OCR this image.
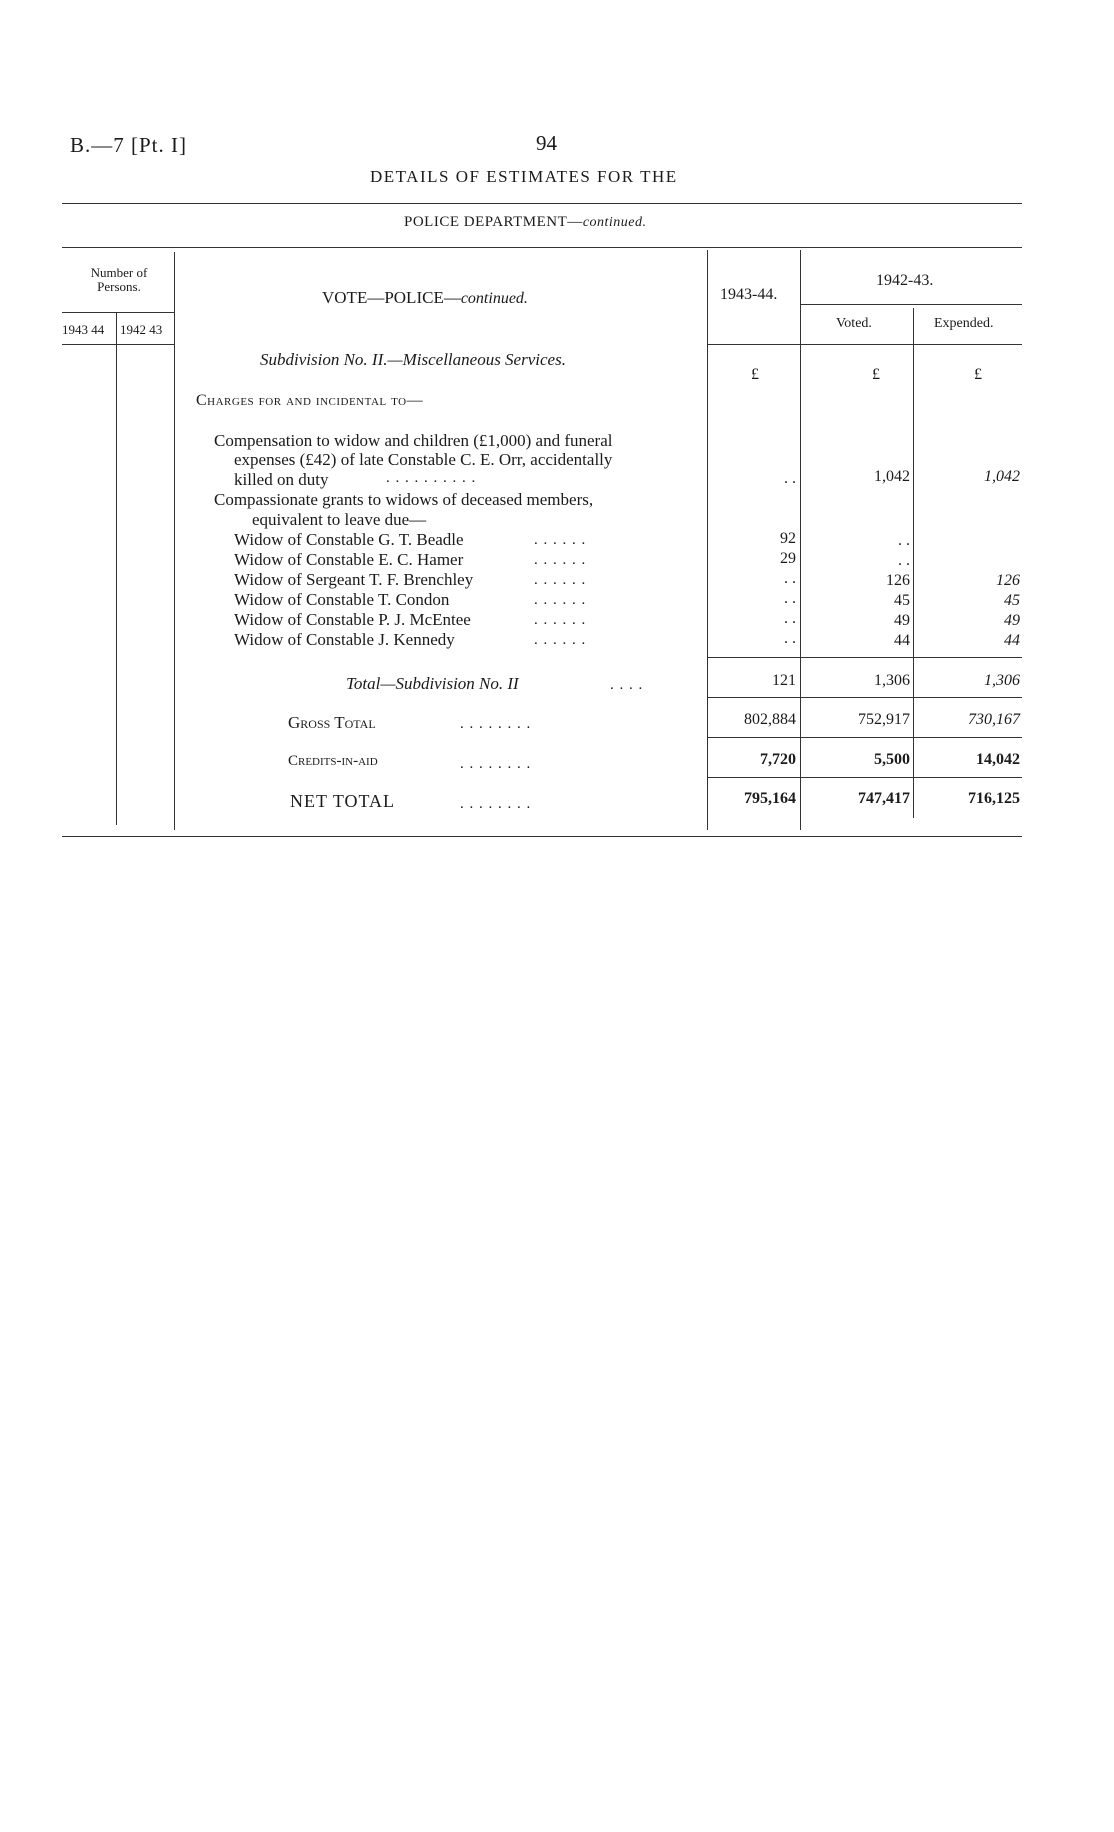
B.—7 [Pt. I]	94
DETAILS OF ESTIMATES FOR THE
POLICE DEPARTMENT—continued.
Number of Persons.
1943 44 1942 43
VOTE—POLICE—continued.	1943-44.
1942-43.
Voted.	Expended.
Subdivision No. II.—Miscellaneous Services.
£	£	£
Charges for and incidental to—
Compensation to widow and children (£1,000) and funeral
expenses (£42) of late Constable C. E. Orr, accidentally
killed on duty	. . . . . . . . . .	. .	1,042	1,042
Compassionate grants to widows of deceased members,
equivalent to leave due—
Widow of Constable G. T. Beadle	. . . . . .	92	. .
Widow of Constable E. C. Hamer	. . . . . .	29	. .
Widow of Sergeant T. F. Brenchley	. . . . . .	. .	126	126
Widow of Constable T. Condon	. . . . . .	. .	45	45
Widow of Constable P. J. McEntee	. . . . . .	. .	49	49
Widow of Constable J. Kennedy	. . . . . .	. .	44	44
Total—Subdivision No. II	. . . .	121	1,306	1,306
Gross Total	. . . . . . . .	802,884	752,917	730,167
Credits-in-aid	. . . . . . . .	7,720	5,500	14,042
NET TOTAL	. . . . . . . .	795,164	747,417	716,125
